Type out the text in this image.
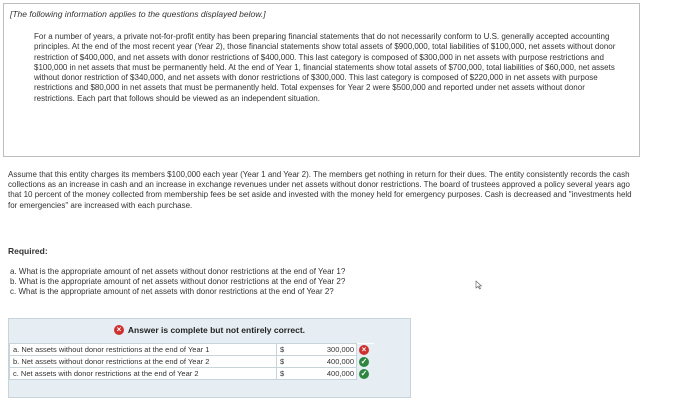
[The following information applies to the questions displayed below.]
For a number of years, a private not-for-profit entity has been preparing financial statements that do not necessarily conform to U.S. generally accepted accounting principles. At the end of the most recent year (Year 2), those financial statements show total assets of $900,000, total liabilities of $100,000, net assets without donor restriction of $400,000, and net assets with donor restrictions of $400,000. This last category is composed of $300,000 in net assets with purpose restrictions and $100,000 in net assets that must be permanently held. At the end of Year 1, financial statements show total assets of $700,000, total liabilities of $60,000, net assets without donor restriction of $340,000, and net assets with donor restrictions of $300,000. This last category is composed of $220,000 in net assets with purpose restrictions and $80,000 in net assets that must be permanently held. Total expenses for Year 2 were $500,000 and reported under net assets without donor restrictions. Each part that follows should be viewed as an independent situation.
Assume that this entity charges its members $100,000 each year (Year 1 and Year 2). The members get nothing in return for their dues. The entity consistently records the cash collections as an increase in cash and an increase in exchange revenues under net assets without donor restrictions. The board of trustees approved a policy several years ago that 10 percent of the money collected from membership fees be set aside and invested with the money held for emergency purposes. Cash is decreased and "investments held for emergencies" are increased with each purchase.
Required:
a. What is the appropriate amount of net assets without donor restrictions at the end of Year 1?
b. What is the appropriate amount of net assets without donor restrictions at the end of Year 2?
c. What is the appropriate amount of net assets with donor restrictions at the end of Year 2?
× Answer is complete but not entirely correct.
a. Net assets without donor restrictions at the end of Year 1	$	300,000	×
b. Net assets without donor restrictions at the end of Year 2	$	400,000	✓
c. Net assets with donor restrictions at the end of Year 2	$	400,000	✓
